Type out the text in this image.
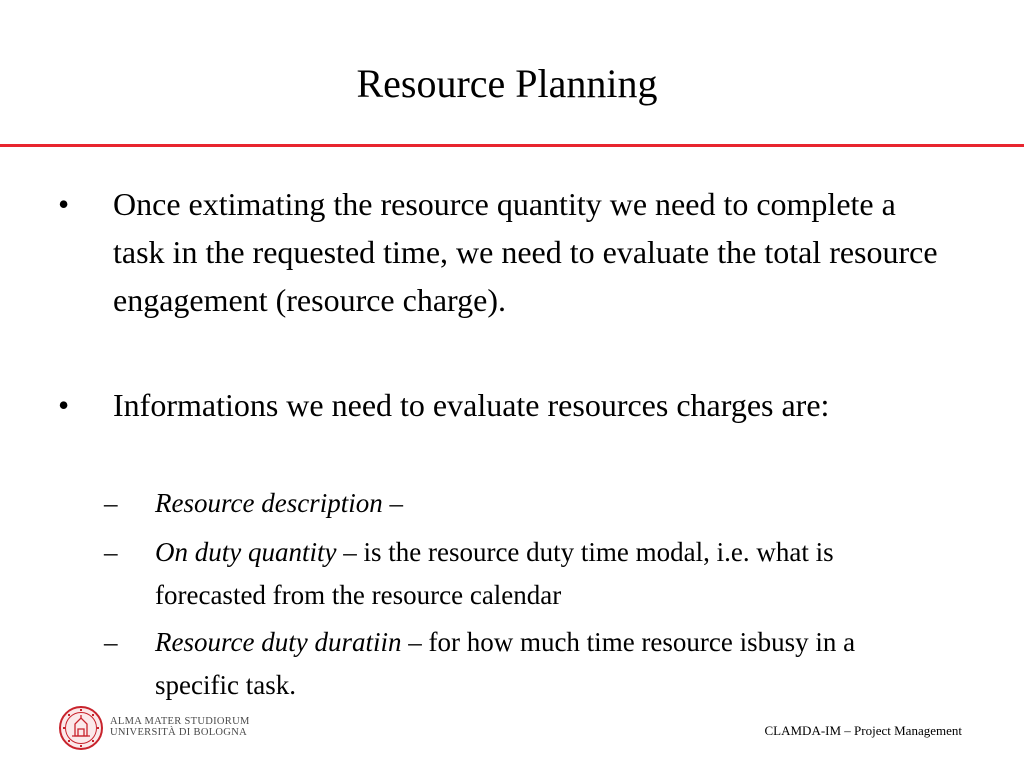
Resource Planning
• Once extimating the resource quantity we need to complete a task in the requested time, we need to evaluate the total resource engagement (resource charge).
• Informations we need to evaluate resources charges are:
– Resource description –
– On duty quantity – is the resource duty time modal, i.e. what is forecasted from the resource calendar
– Resource duty duratiin – for how much time resource isbusy in a specific task.
ALMA MATER STUDIORUM
UNIVERSITÀ DI BOLOGNA	CLAMDA-IM – Project Management
